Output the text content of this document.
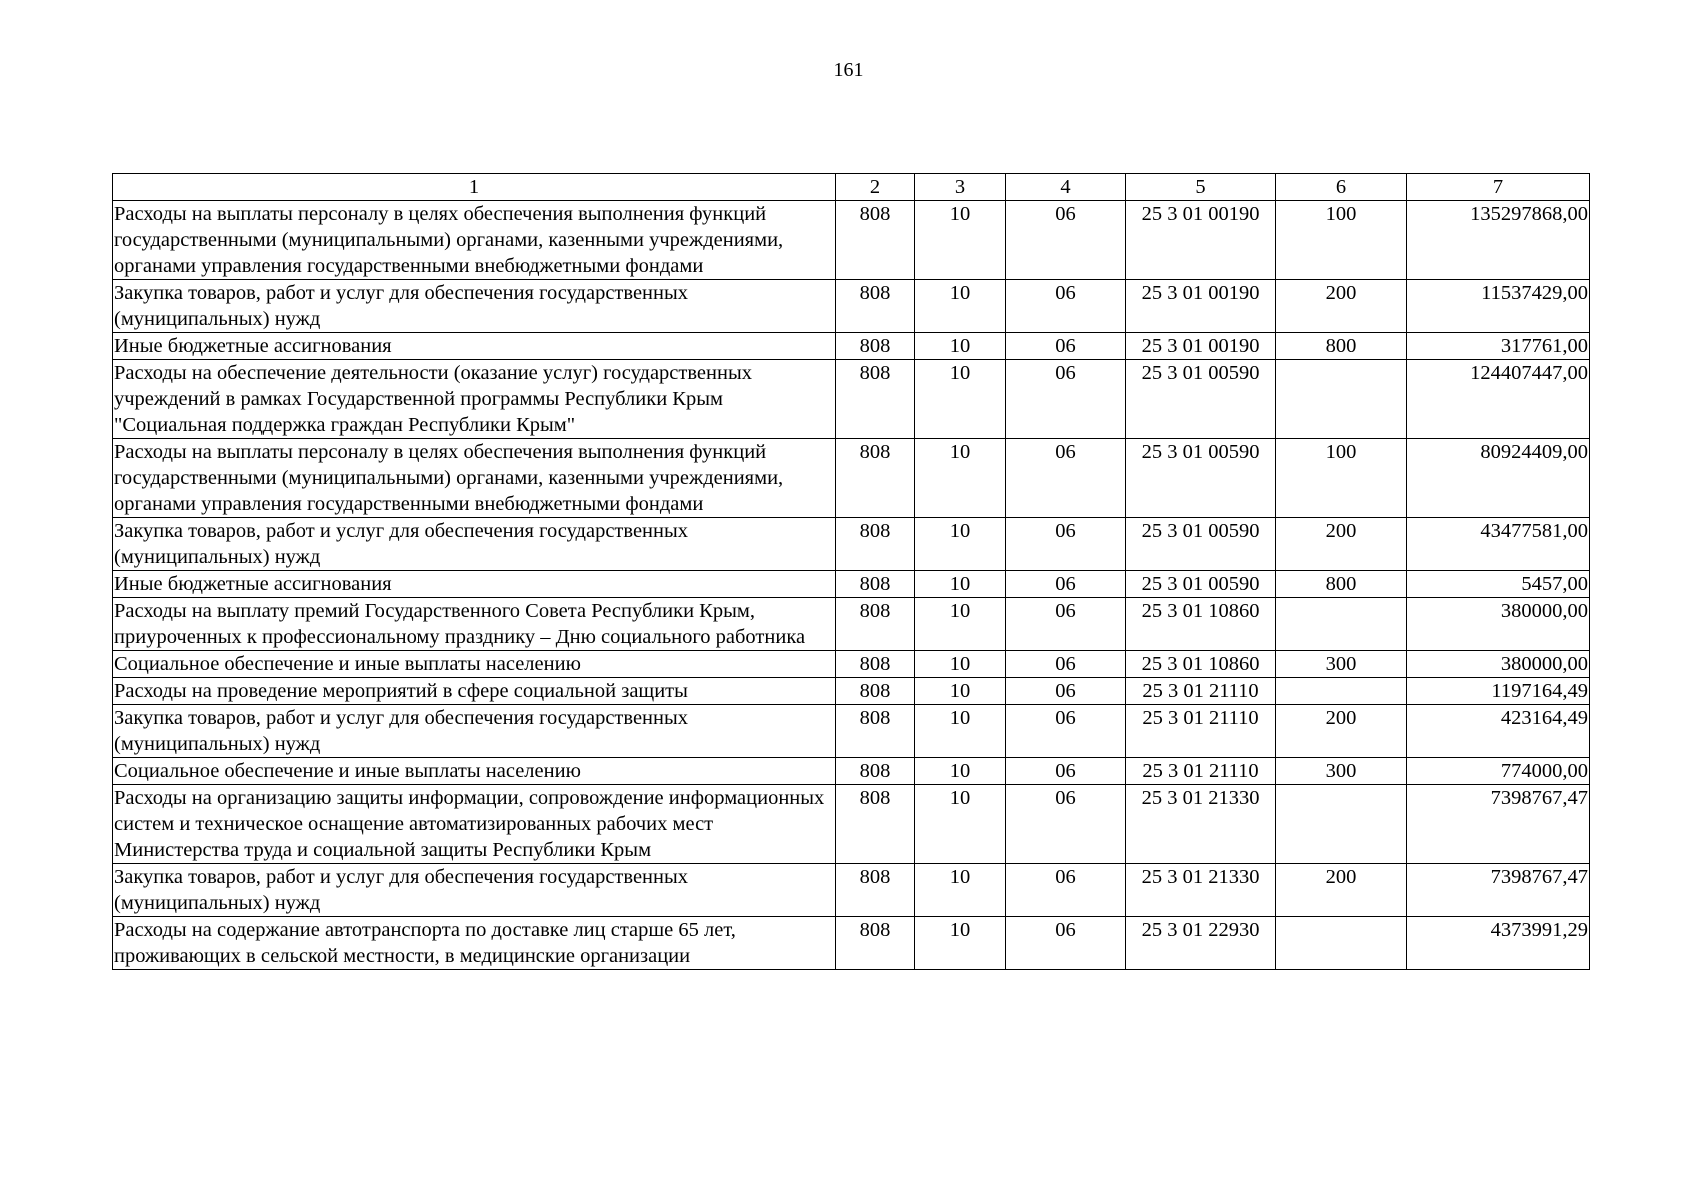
161
1	2	3	4	5	6	7
Расходы на выплаты персоналу в целях обеспечения выполнения функций государственными (муниципальными) органами, казенными учреждениями, органами управления государственными внебюджетными фондами	808	10	06	25 3 01 00190	100	135297868,00
Закупка товаров, работ и услуг для обеспечения государственных (муниципальных) нужд	808	10	06	25 3 01 00190	200	11537429,00
Иные бюджетные ассигнования	808	10	06	25 3 01 00190	800	317761,00
Расходы на обеспечение деятельности (оказание услуг) государственных учреждений в рамках Государственной программы Республики Крым "Социальная поддержка граждан Республики Крым"	808	10	06	25 3 01 00590		124407447,00
Расходы на выплаты персоналу в целях обеспечения выполнения функций государственными (муниципальными) органами, казенными учреждениями, органами управления государственными внебюджетными фондами	808	10	06	25 3 01 00590	100	80924409,00
Закупка товаров, работ и услуг для обеспечения государственных (муниципальных) нужд	808	10	06	25 3 01 00590	200	43477581,00
Иные бюджетные ассигнования	808	10	06	25 3 01 00590	800	5457,00
Расходы на выплату премий Государственного Совета Республики Крым, приуроченных к профессиональному празднику – Дню социального работника	808	10	06	25 3 01 10860		380000,00
Социальное обеспечение и иные выплаты населению	808	10	06	25 3 01 10860	300	380000,00
Расходы на проведение мероприятий в сфере социальной защиты	808	10	06	25 3 01 21110		1197164,49
Закупка товаров, работ и услуг для обеспечения государственных (муниципальных) нужд	808	10	06	25 3 01 21110	200	423164,49
Социальное обеспечение и иные выплаты населению	808	10	06	25 3 01 21110	300	774000,00
Расходы на организацию защиты информации, сопровождение информационных систем и техническое оснащение автоматизированных рабочих мест Министерства труда и социальной защиты Республики Крым	808	10	06	25 3 01 21330		7398767,47
Закупка товаров, работ и услуг для обеспечения государственных (муниципальных) нужд	808	10	06	25 3 01 21330	200	7398767,47
Расходы на содержание автотранспорта по доставке лиц старше 65 лет, проживающих в сельской местности, в медицинские организации	808	10	06	25 3 01 22930		4373991,29
